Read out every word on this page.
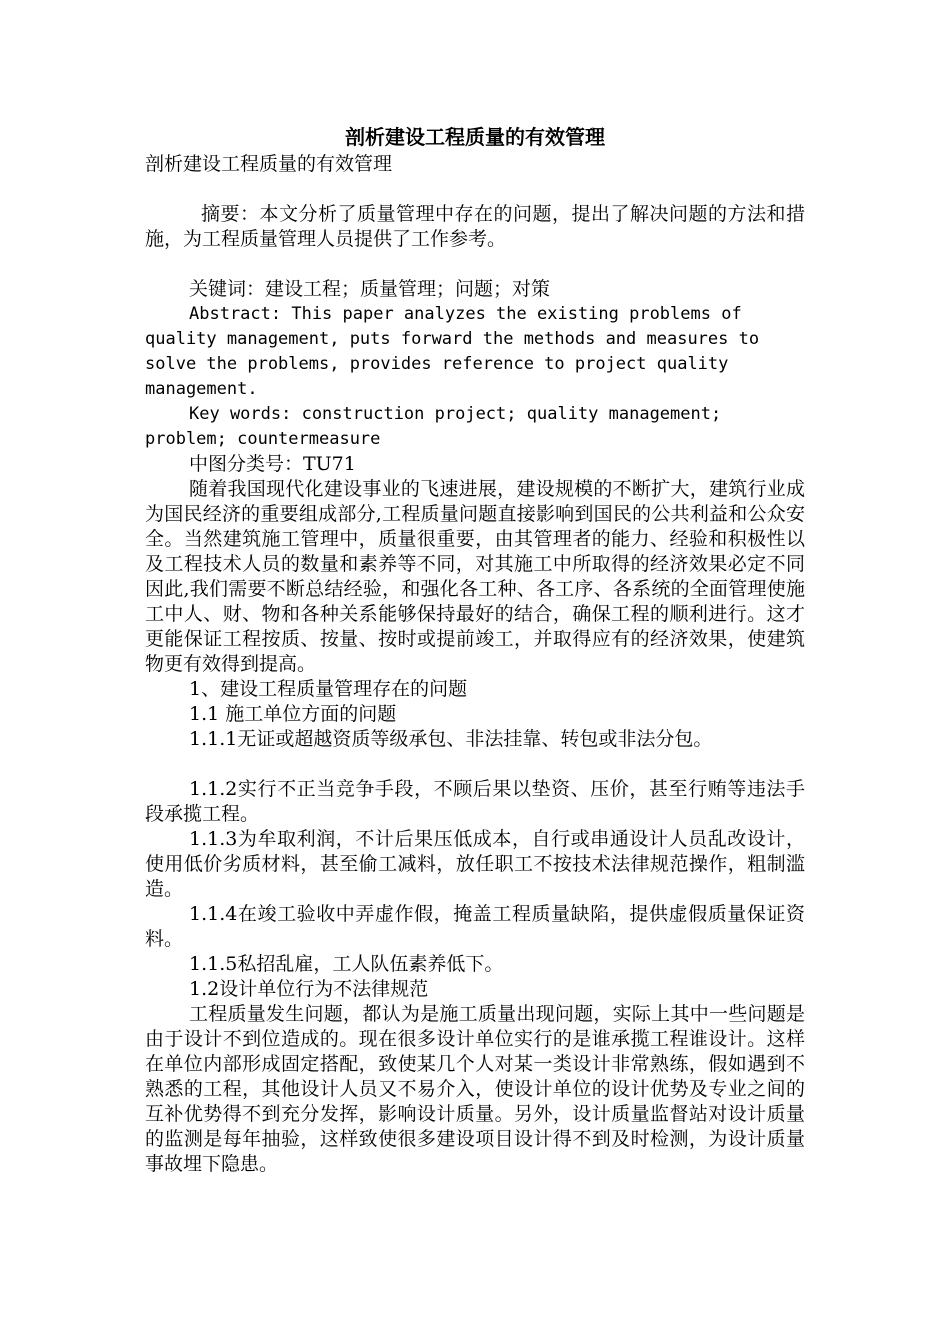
剖析建设工程质量的有效管理

剖析建设工程质量的有效管理

摘要：本文分析了质量管理中存在的问题，提出了解决问题的方法和措施，为工程质量管理人员提供了工作参考。

关键词：建设工程；质量管理；问题；对策

Abstract: This paper analyzes the existing problems of quality management, puts forward the methods and measures to solve the problems, provides reference to project quality management.

Key words: construction project; quality management; problem; countermeasure

中图分类号：TU71

随着我国现代化建设事业的飞速进展，建设规模的不断扩大，建筑行业成为国民经济的重要组成部分,工程质量问题直接影响到国民的公共利益和公众安全。当然建筑施工管理中，质量很重要，由其管理者的能力、经验和积极性以及工程技术人员的数量和素养等不同，对其施工中所取得的经济效果必定不同因此,我们需要不断总结经验，和强化各工种、各工序、各系统的全面管理使施工中人、财、物和各种关系能够保持最好的结合，确保工程的顺利进行。这才更能保证工程按质、按量、按时或提前竣工，并取得应有的经济效果，使建筑物更有效得到提高。

1、建设工程质量管理存在的问题

1.1 施工单位方面的问题

1.1.1无证或超越资质等级承包、非法挂靠、转包或非法分包。

1.1.2实行不正当竞争手段，不顾后果以垫资、压价，甚至行贿等违法手段承揽工程。

1.1.3为牟取利润，不计后果压低成本，自行或串通设计人员乱改设计，使用低价劣质材料，甚至偷工减料，放任职工不按技术法律规范操作，粗制滥造。

1.1.4在竣工验收中弄虚作假，掩盖工程质量缺陷，提供虚假质量保证资料。

1.1.5私招乱雇，工人队伍素养低下。

1.2设计单位行为不法律规范

工程质量发生问题，都认为是施工质量出现问题，实际上其中一些问题是由于设计不到位造成的。现在很多设计单位实行的是谁承揽工程谁设计。这样在单位内部形成固定搭配，致使某几个人对某一类设计非常熟练，假如遇到不熟悉的工程，其他设计人员又不易介入，使设计单位的设计优势及专业之间的互补优势得不到充分发挥，影响设计质量。另外，设计质量监督站对设计质量的监测是每年抽验，这样致使很多建设项目设计得不到及时检测，为设计质量事故埋下隐患。
